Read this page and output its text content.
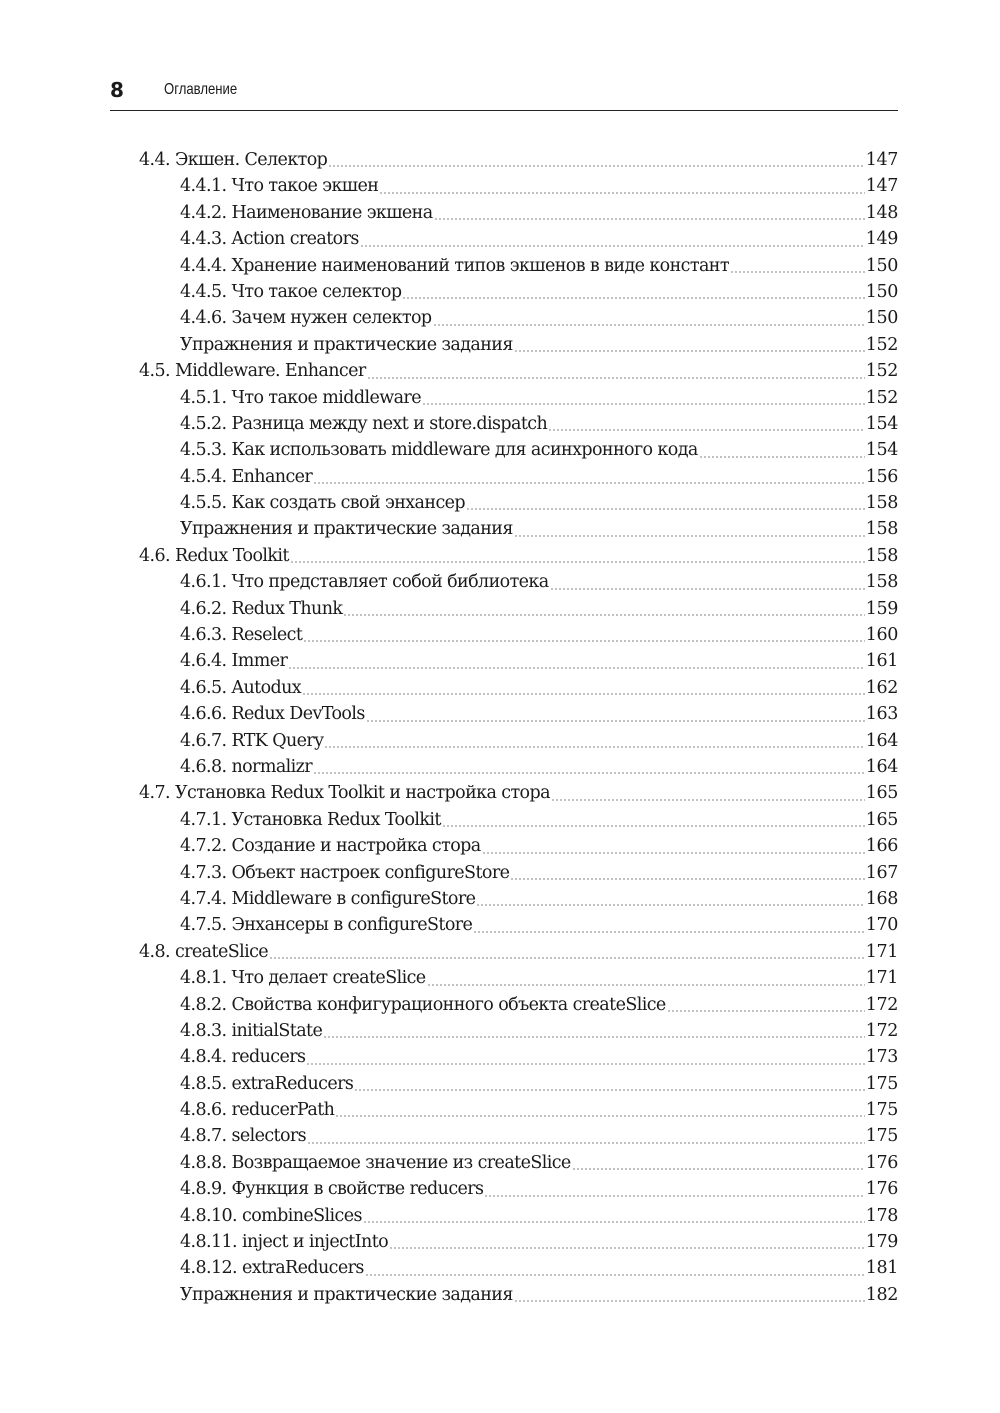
8	Оглавление
4.4. Экшен. Селектор	147
4.4.1. Что такое экшен	147
4.4.2. Наименование экшена	148
4.4.3. Action creators	149
4.4.4. Хранение наименований типов экшенов в виде констант	150
4.4.5. Что такое селектор	150
4.4.6. Зачем нужен селектор	150
Упражнения и практические задания	152
4.5. Middleware. Enhancer	152
4.5.1. Что такое middleware	152
4.5.2. Разница между next и store.dispatch	154
4.5.3. Как использовать middleware для асинхронного кода	154
4.5.4. Enhancer	156
4.5.5. Как создать свой энхансер	158
Упражнения и практические задания	158
4.6. Redux Toolkit	158
4.6.1. Что представляет собой библиотека	158
4.6.2. Redux Thunk	159
4.6.3. Reselect	160
4.6.4. Immer	161
4.6.5. Autodux	162
4.6.6. Redux DevTools	163
4.6.7. RTK Query	164
4.6.8. normalizr	164
4.7. Установка Redux Toolkit и настройка стора	165
4.7.1. Установка Redux Toolkit	165
4.7.2. Создание и настройка стора	166
4.7.3. Объект настроек configureStore	167
4.7.4. Middleware в configureStore	168
4.7.5. Энхансеры в configureStore	170
4.8. createSlice	171
4.8.1. Что делает createSlice	171
4.8.2. Свойства конфигурационного объекта createSlice	172
4.8.3. initialState	172
4.8.4. reducers	173
4.8.5. extraReducers	175
4.8.6. reducerPath	175
4.8.7. selectors	175
4.8.8. Возвращаемое значение из createSlice	176
4.8.9. Функция в свойстве reducers	176
4.8.10. combineSlices	178
4.8.11. inject и injectInto	179
4.8.12. extraReducers	181
Упражнения и практические задания	182
